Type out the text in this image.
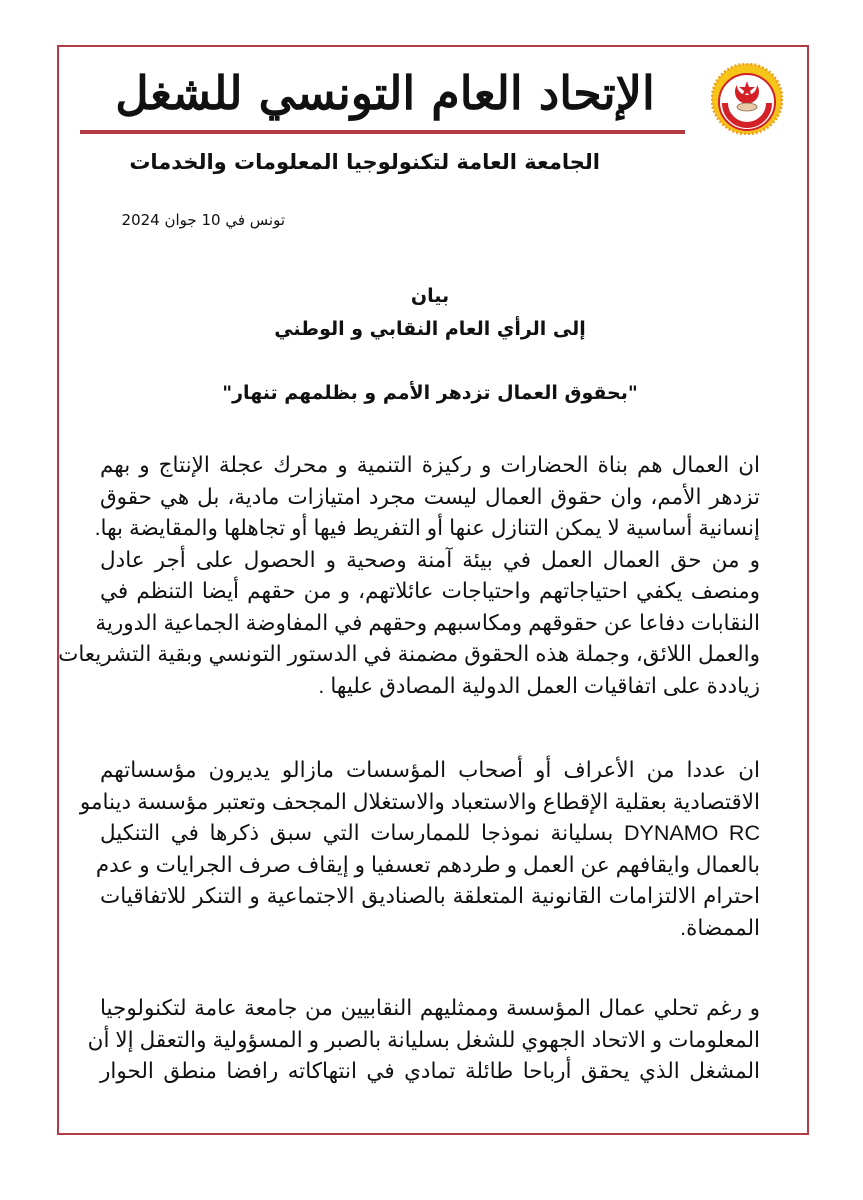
الإتحاد العام التونسي للشغل
الجامعة العامة لتكنولوجيا المعلومات والخدمات
تونس في 10 جوان 2024
بيان
إلى الرأي العام النقابي و الوطني
"بحقوق العمال تزدهر الأمم و بظلمهم تنهار"
ان العمال هم بناة الحضارات و ركيزة التنمية و محرك عجلة الإنتاج و بهم
تزدهر الأمم، وان حقوق العمال ليست مجرد امتيازات مادية، بل هي حقوق
إنسانية أساسية لا يمكن التنازل عنها أو التفريط فيها أو تجاهلها والمقايضة بها.
و من حق العمال العمل في بيئة آمنة وصحية و الحصول على أجر عادل
ومنصف يكفي احتياجاتهم واحتياجات عائلاتهم، و من حقهم أيضا التنظم في
النقابات دفاعا عن حقوقهم ومكاسبهم وحقهم في المفاوضة الجماعية الدورية
والعمل اللائق، وجملة هذه الحقوق مضمنة في الدستور التونسي وبقية التشريعات
زياددة على اتفاقيات العمل الدولية المصادق عليها .
ان عددا من الأعراف أو أصحاب المؤسسات مازالو يديرون مؤسساتهم
الاقتصادية بعقلية الإقطاع والاستعباد والاستغلال المجحف وتعتبر مؤسسة دينامو
DYNAMO RC بسليانة نموذجا للممارسات التي سبق ذكرها في التنكيل
بالعمال وايقافهم عن العمل و طردهم تعسفيا و إيقاف صرف الجرايات و عدم
احترام الالتزامات القانونية المتعلقة بالصناديق الاجتماعية و التنكر للاتفاقيات
الممضاة.
و رغم تحلي عمال المؤسسة وممثليهم النقابيين من جامعة عامة لتكنولوجيا
المعلومات و الاتحاد الجهوي للشغل بسليانة بالصبر و المسؤولية والتعقل إلا أن
المشغل الذي يحقق أرباحا طائلة تمادي في انتهاكاته رافضا منطق الحوار
